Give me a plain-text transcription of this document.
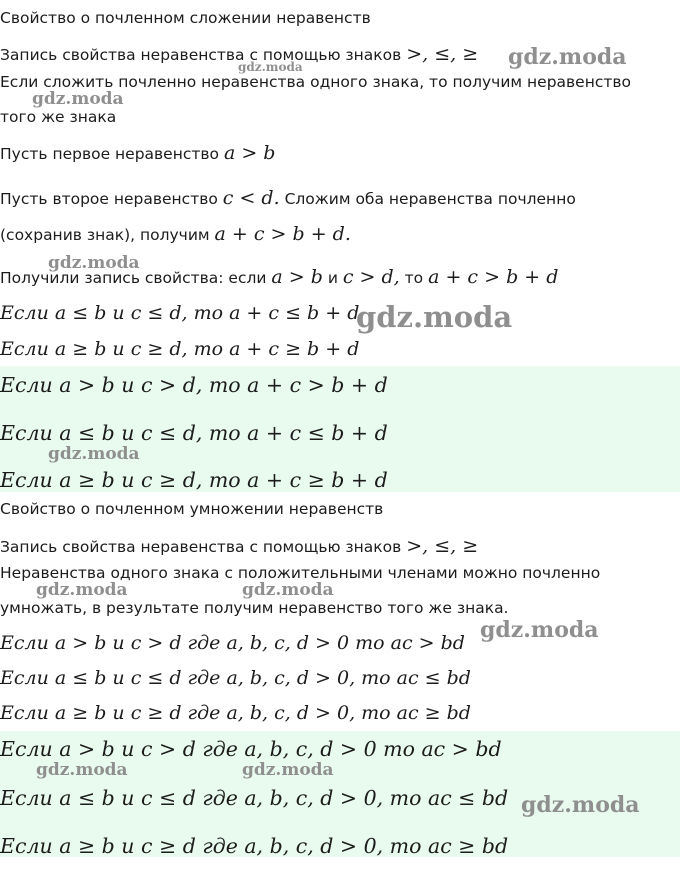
Свойство о почленном сложении неравенств
Запись свойства неравенства с помощью знаков >, ≤, ≥
Если сложить почленно неравенства одного знака, то получим неравенство
того же знака
Пусть первое неравенство a > b
Пусть второе неравенство c < d. Сложим оба неравенства почленно
(сохранив знак), получим a + c > b + d.
Получили запись свойства: если a > b и c > d, то a + c > b + d
Если a ≤ b и c ≤ d, то a + c ≤ b + d
Если a ≥ b и c ≥ d, то a + c ≥ b + d
Если a > b и c > d, то a + c > b + d
Если a ≤ b и c ≤ d, то a + c ≤ b + d
Если a ≥ b и c ≥ d, то a + c ≥ b + d
Свойство о почленном умножении неравенств
Запись свойства неравенства с помощью знаков >, ≤, ≥
Неравенства одного знака с положительными членами можно почленно
умножать, в результате получим неравенство того же знака.
Если a > b и c > d где a, b, c, d > 0 то ac > bd
Если a ≤ b и c ≤ d где a, b, c, d > 0, то ac ≤ bd
Если a ≥ b и c ≥ d где a, b, c, d > 0, то ac ≥ bd
Если a > b и c > d где a, b, c, d > 0 то ac > bd
Если a ≤ b и c ≤ d где a, b, c, d > 0, то ac ≤ bd
Если a ≥ b и c ≥ d где a, b, c, d > 0, то ac ≥ bd
gdz.moda
gdz.moda
gdz.moda
gdz.moda
gdz.moda
gdz.moda
gdz.moda	gdz.moda
gdz.moda
gdz.moda	gdz.moda
gdz.moda
